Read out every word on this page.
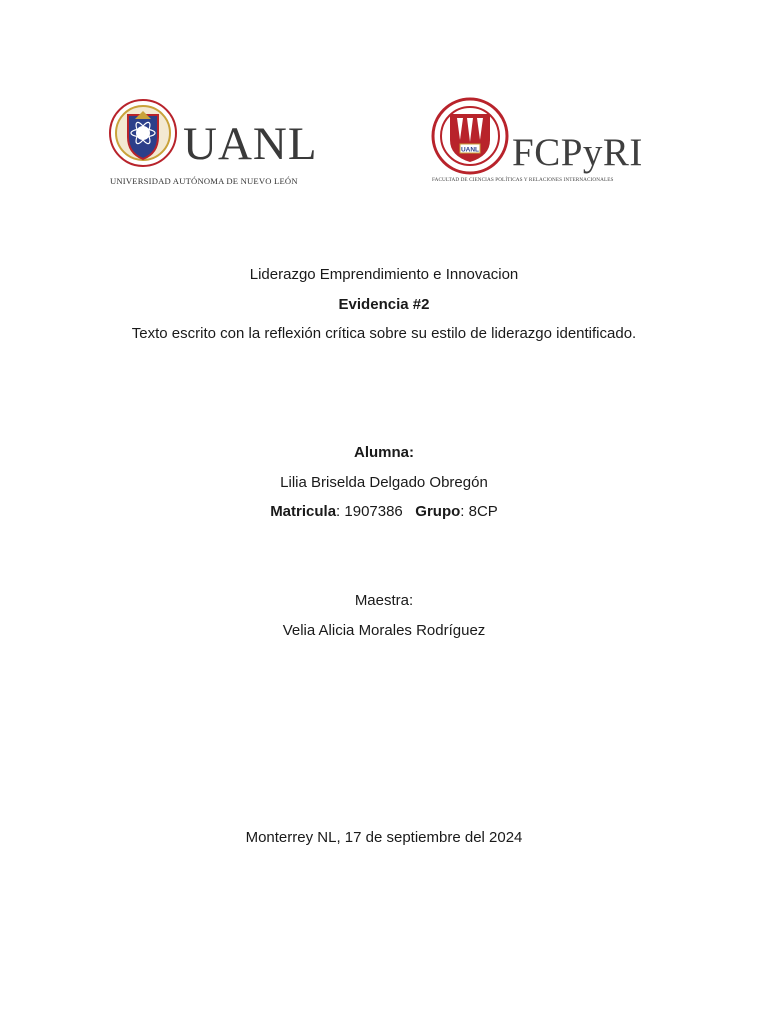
UANL
UNIVERSIDAD AUTÓNOMA DE NUEVO LEÓN
UANL FCPyRI
FACULTAD DE CIENCIAS POLÍTICAS Y RELACIONES INTERNACIONALES
Liderazgo Emprendimiento e Innovacion
Evidencia #2
Texto escrito con la reflexión crítica sobre su estilo de liderazgo identificado.
Alumna:
Lilia Briselda Delgado Obregón
Matricula: 1907386 Grupo: 8CP
Maestra:
Velia Alicia Morales Rodríguez
Monterrey NL, 17 de septiembre del 2024
